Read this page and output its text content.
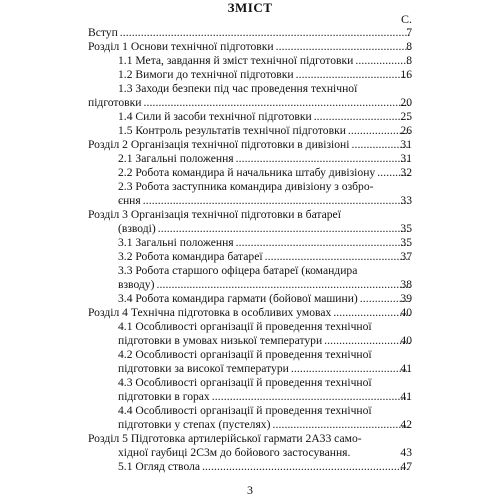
ЗМІСТ
С.
Вступ . . .	7
Розділ 1 Основи технічної підготовки . . .	8
1.1 Мета, завдання й зміст технічної підготовки . . .	8
1.2 Вимоги до технічної підготовки . . .	16
1.3 Заходи безпеки під час проведення технічної
підготовки . . .	20
1.4 Сили й засоби технічної підготовки . . .	25
1.5 Контроль результатів технічної підготовки . . .	26
Розділ 2 Організація технічної підготовки в дивізіоні . . .	31
2.1 Загальні положення . . .	31
2.2 Робота командира й начальника штабу дивізіону . . .	32
2.3 Робота заступника командира дивізіону з озбро-
єння . . .	33
Розділ 3 Організація технічної підготовки в батареї
(взводі) . . .	35
3.1 Загальні положення . . .	35
3.2 Робота командира батареї . . .	37
3.3 Робота старшого офіцера батареї (командира
взводу) . . .	38
3.4 Робота командира гармати (бойової машини) . . .	39
Розділ 4 Технічна підготовка в особливих умовах . . .	40
4.1 Особливості організації й проведення технічної
підготовки в умовах низької температури . . .	40
4.2 Особливості організації й проведення технічної
підготовки за високої температури . . .	41
4.3 Особливості організації й проведення технічної
підготовки в горах . . .	41
4.4 Особливості організації й проведення технічної
підготовки у степах (пустелях) . . .	42
Розділ 5 Підготовка артилерійської гармати 2А33 само-
хідної гаубиці 2С3м до бойового застосування.	43
5.1 Огляд ствола . . .	47
3
